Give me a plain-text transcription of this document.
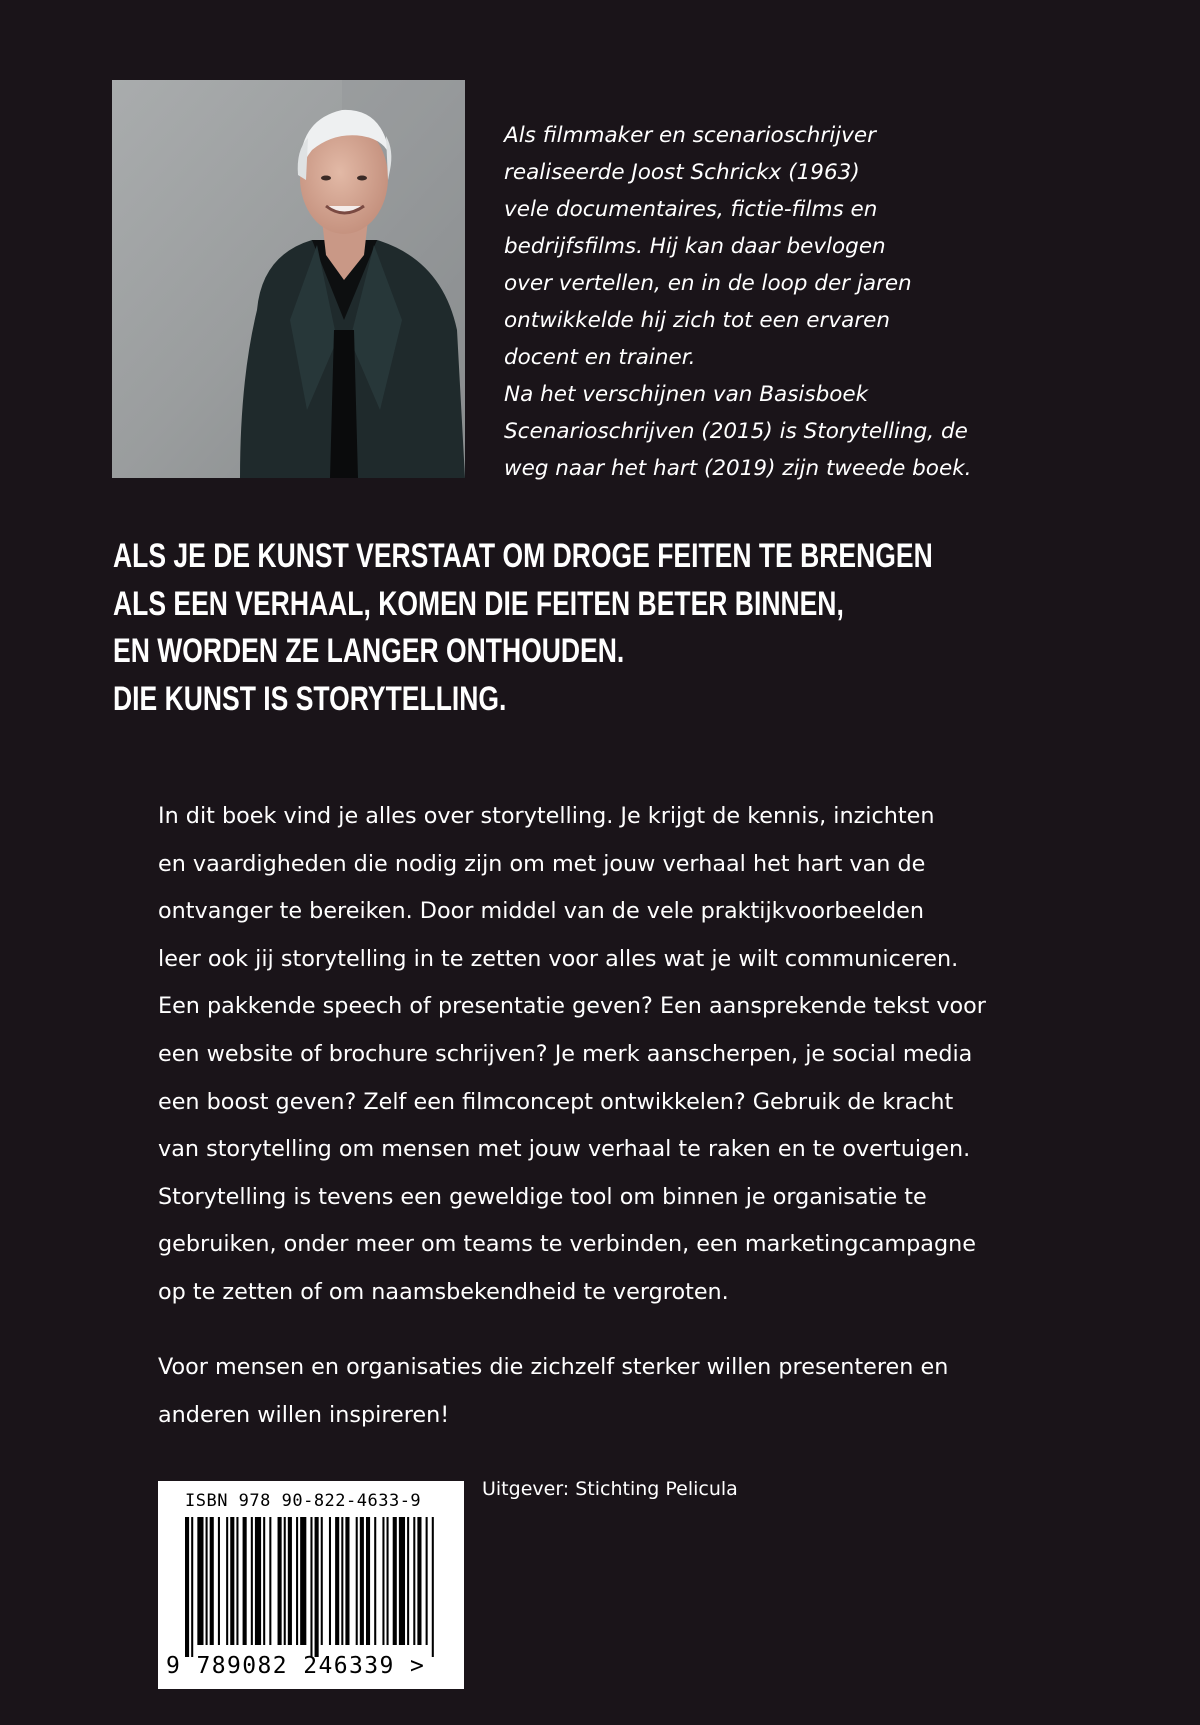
Als filmmaker en scenarioschrijver
realiseerde Joost Schrickx (1963)
vele documentaires, fictie-films en
bedrijfsfilms. Hij kan daar bevlogen
over vertellen, en in de loop der jaren
ontwikkelde hij zich tot een ervaren
docent en trainer.
Na het verschijnen van Basisboek
Scenarioschrijven (2015) is Storytelling, de
weg naar het hart (2019) zijn tweede boek.
ALS JE DE KUNST VERSTAAT OM DROGE FEITEN TE BRENGEN
ALS EEN VERHAAL, KOMEN DIE FEITEN BETER BINNEN,
EN WORDEN ZE LANGER ONTHOUDEN.
DIE KUNST IS STORYTELLING.
In dit boek vind je alles over storytelling. Je krijgt de kennis, inzichten
en vaardigheden die nodig zijn om met jouw verhaal het hart van de
ontvanger te bereiken. Door middel van de vele praktijkvoorbeelden
leer ook jij storytelling in te zetten voor alles wat je wilt communiceren.
Een pakkende speech of presentatie geven? Een aansprekende tekst voor
een website of brochure schrijven? Je merk aanscherpen, je social media
een boost geven? Zelf een filmconcept ontwikkelen? Gebruik de kracht
van storytelling om mensen met jouw verhaal te raken en te overtuigen.
Storytelling is tevens een geweldige tool om binnen je organisatie te
gebruiken, onder meer om teams te verbinden, een marketingcampagne
op te zetten of om naamsbekendheid te vergroten.
Voor mensen en organisaties die zichzelf sterker willen presenteren en
anderen willen inspireren!
ISBN 978 90-822-4633-9
9 789082 246339 >
Uitgever: Stichting Pelicula
